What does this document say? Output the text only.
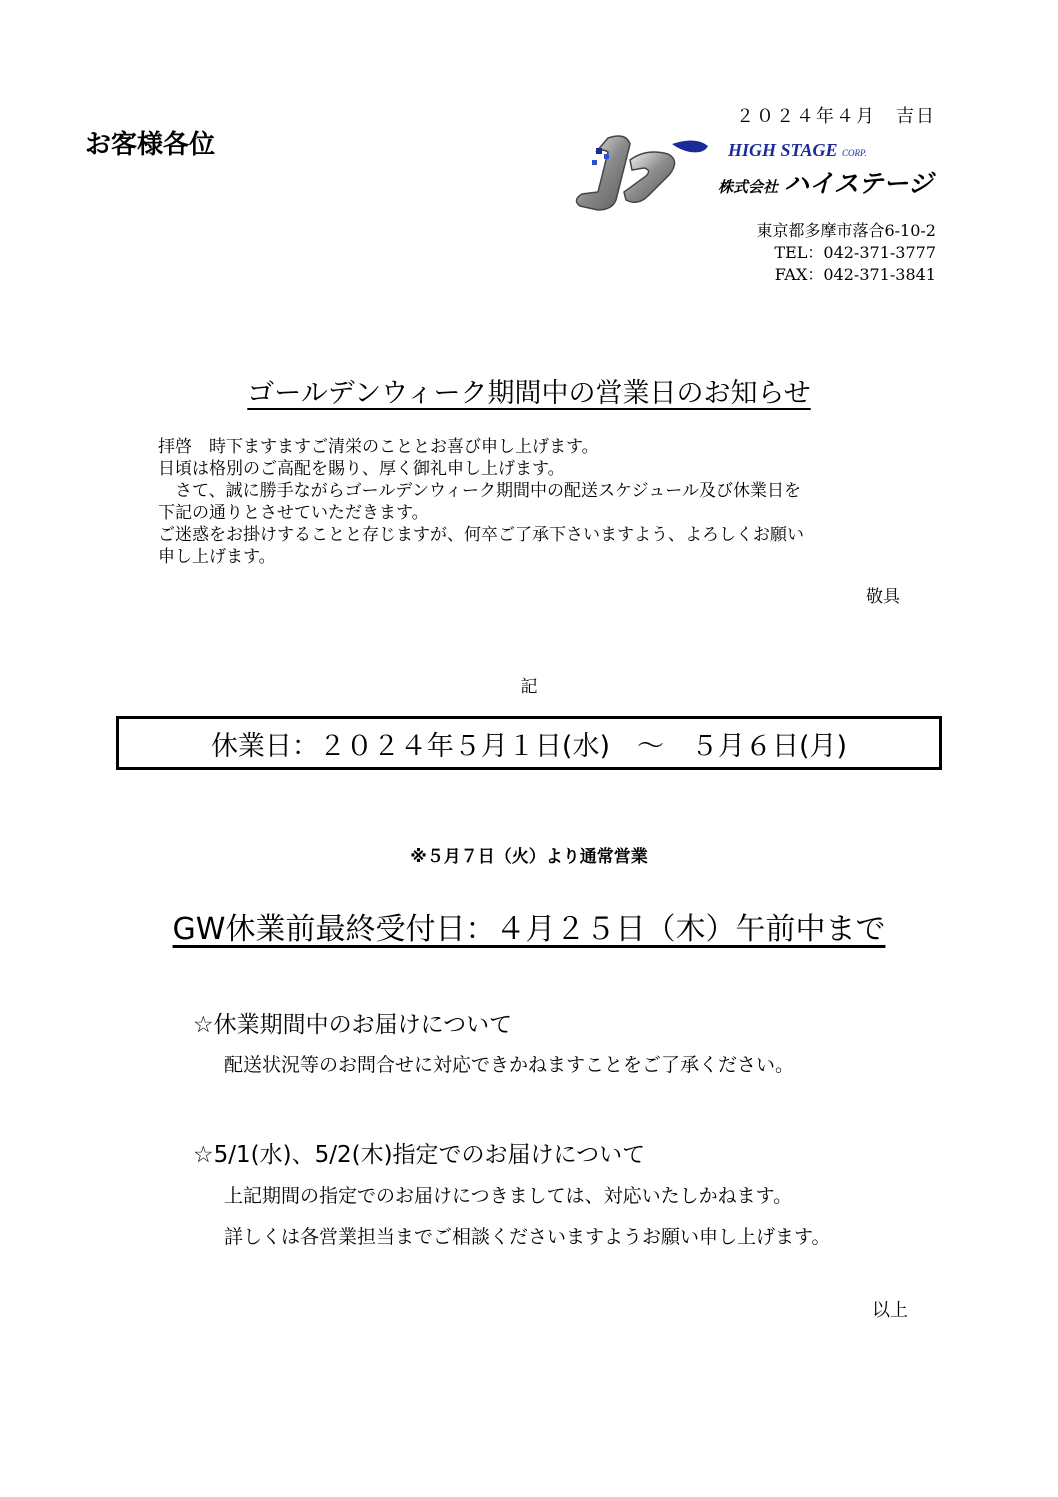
お客様各位
２０２４年４月　吉日
HIGH STAGE CORP.
株式会社 ハイステージ
東京都多摩市落合6-10-2
TEL：042-371-3777
FAX：042-371-3841
ゴールデンウィーク期間中の営業日のお知らせ
拝啓　時下ますますご清栄のこととお喜び申し上げます。
日頃は格別のご高配を賜り、厚く御礼申し上げます。
　さて、誠に勝手ながらゴールデンウィーク期間中の配送スケジュール及び休業日を
下記の通りとさせていただきます。
ご迷惑をお掛けすることと存じますが、何卒ご了承下さいますよう、よろしくお願い
申し上げます。
敬具
記
休業日：２０２４年５月１日(水)　～　５月６日(月)
※５月７日（火）より通常営業
GW休業前最終受付日：４月２５日（木）午前中まで
☆休業期間中のお届けについて
配送状況等のお問合せに対応できかねますことをご了承ください。
☆5/1(水)、5/2(木)指定でのお届けについて
上記期間の指定でのお届けにつきましては、対応いたしかねます。
詳しくは各営業担当までご相談くださいますようお願い申し上げます。
以上
